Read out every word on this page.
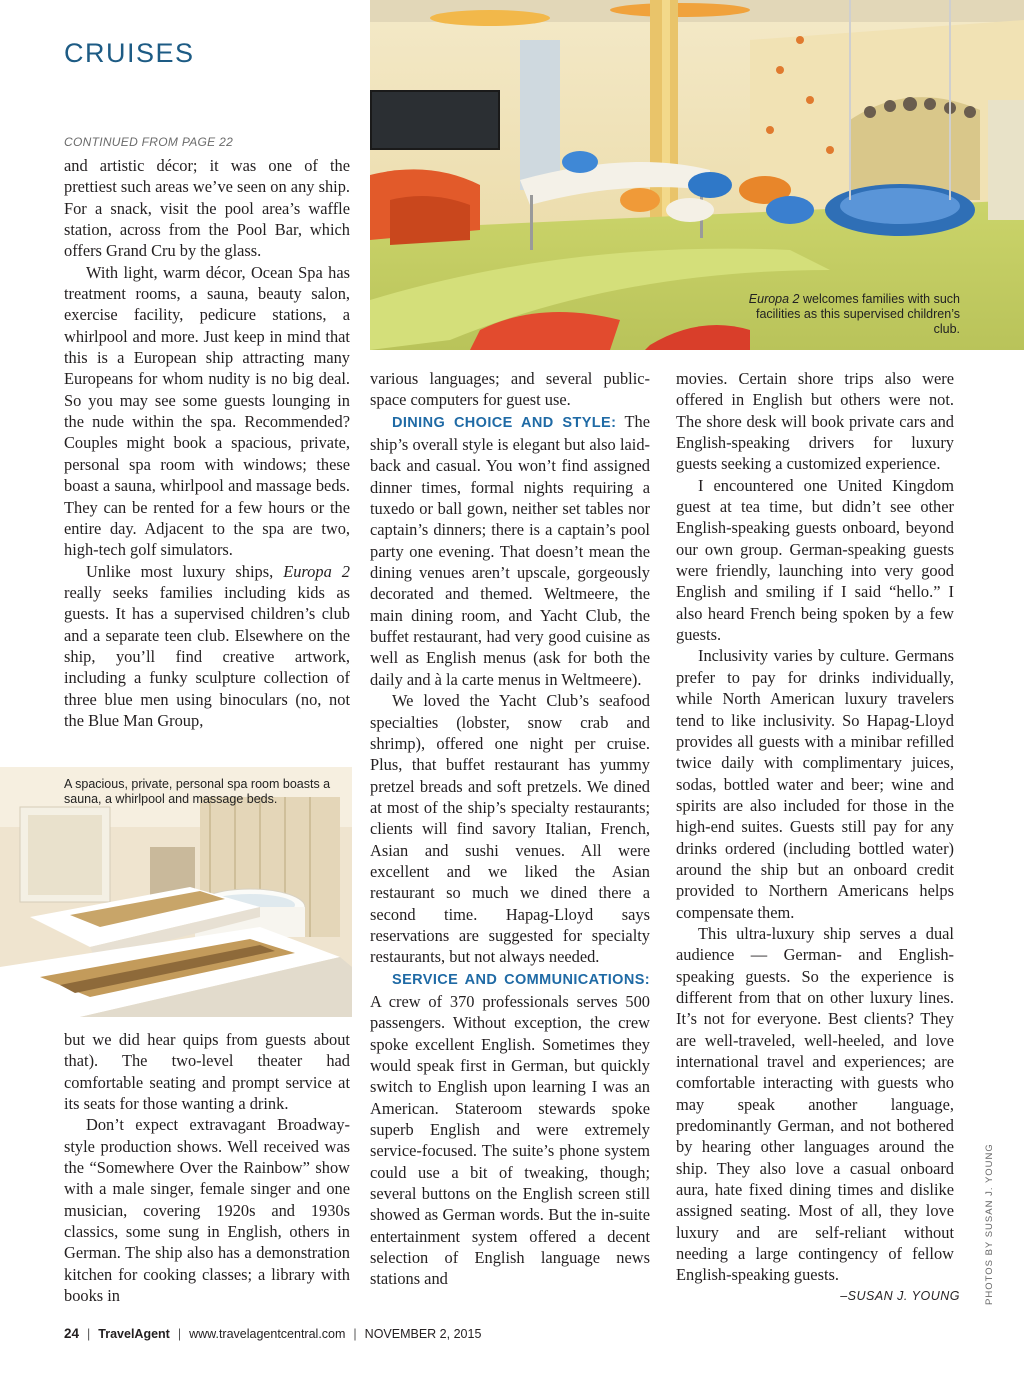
CRUISES
CONTINUED FROM PAGE 22
Europa 2 welcomes families with such facilities as this supervised children’s club.
A spacious, private, personal spa room boasts a sauna, a whirlpool and massage beds.

and artistic décor; it was one of the prettiest such areas we’ve seen on any ship. For a snack, visit the pool area’s waffle station, across from the Pool Bar, which offers Grand Cru by the glass.

With light, warm décor, Ocean Spa has treatment rooms, a sauna, beauty salon, exercise facility, pedicure stations, a whirlpool and more. Just keep in mind that this is a European ship attracting many Europeans for whom nudity is no big deal. So you may see some guests lounging in the nude within the spa. Recommended? Couples might book a spacious, private, personal spa room with windows; these boast a sauna, whirlpool and massage beds. They can be rented for a few hours or the entire day. Adjacent to the spa are two, high-tech golf simulators.

Unlike most luxury ships, Europa 2 really seeks families including kids as guests. It has a supervised children’s club and a separate teen club. Elsewhere on the ship, you’ll find creative artwork, including a funky sculpture collection of three blue men using binoculars (no, not the Blue Man Group,

but we did hear quips from guests about that). The two-level theater had comfortable seating and prompt service at its seats for those wanting a drink.

Don’t expect extravagant Broadway-style production shows. Well received was the “Somewhere Over the Rainbow” show with a male singer, female singer and one musician, covering 1920s and 1930s classics, some sung in English, others in German. The ship also has a demonstration kitchen for cooking classes; a library with books in

various languages; and several public-space computers for guest use.

DINING CHOICE AND STYLE: The ship’s overall style is elegant but also laid-back and casual. You won’t find assigned dinner times, formal nights requiring a tuxedo or ball gown, neither set tables nor captain’s dinners; there is a captain’s pool party one evening. That doesn’t mean the dining venues aren’t upscale, gorgeously decorated and themed. Weltmeere, the main dining room, and Yacht Club, the buffet restaurant, had very good cuisine as well as English menus (ask for both the daily and à la carte menus in Weltmeere).

We loved the Yacht Club’s seafood specialties (lobster, snow crab and shrimp), offered one night per cruise. Plus, that buffet restaurant has yummy pretzel breads and soft pretzels. We dined at most of the ship’s specialty restaurants; clients will find savory Italian, French, Asian and sushi venues. All were excellent and we liked the Asian restaurant so much we dined there a second time. Hapag-Lloyd says reservations are suggested for specialty restaurants, but not always needed.

SERVICE AND COMMUNICATIONS: A crew of 370 professionals serves 500 passengers. Without exception, the crew spoke excellent English. Sometimes they would speak first in German, but quickly switch to English upon learning I was an American. Stateroom stewards spoke superb English and were extremely service-focused. The suite’s phone system could use a bit of tweaking, though; several buttons on the English screen still showed as German words. But the in-suite entertainment system offered a decent selection of English language news stations and

movies. Certain shore trips also were offered in English but others were not. The shore desk will book private cars and English-speaking drivers for luxury guests seeking a customized experience.

I encountered one United Kingdom guest at tea time, but didn’t see other English-speaking guests onboard, beyond our own group. German-speaking guests were friendly, launching into very good English and smiling if I said “hello.” I also heard French being spoken by a few guests.

Inclusivity varies by culture. Germans prefer to pay for drinks individually, while North American luxury travelers tend to like inclusivity. So Hapag-Lloyd provides all guests with a minibar refilled twice daily with complimentary juices, sodas, bottled water and beer; wine and spirits are also included for those in the high-end suites. Guests still pay for any drinks ordered (including bottled water) around the ship but an onboard credit provided to Northern Americans helps compensate them.

This ultra-luxury ship serves a dual audience — German- and English-speaking guests. So the experience is different from that on other luxury lines. It’s not for everyone. Best clients? They are well-traveled, well-heeled, and love international travel and experiences; are comfortable interacting with guests who may speak another language, predominantly German, and not bothered by hearing other languages around the ship. They also love a casual onboard aura, hate fixed dining times and dislike assigned seating. Most of all, they love luxury and are self-reliant without needing a large contingency of fellow English-speaking guests.

–SUSAN J. YOUNG	PHOTOS BY SUSAN J. YOUNG
24 | TravelAgent | www.travelagentcentral.com | NOVEMBER 2, 2015
